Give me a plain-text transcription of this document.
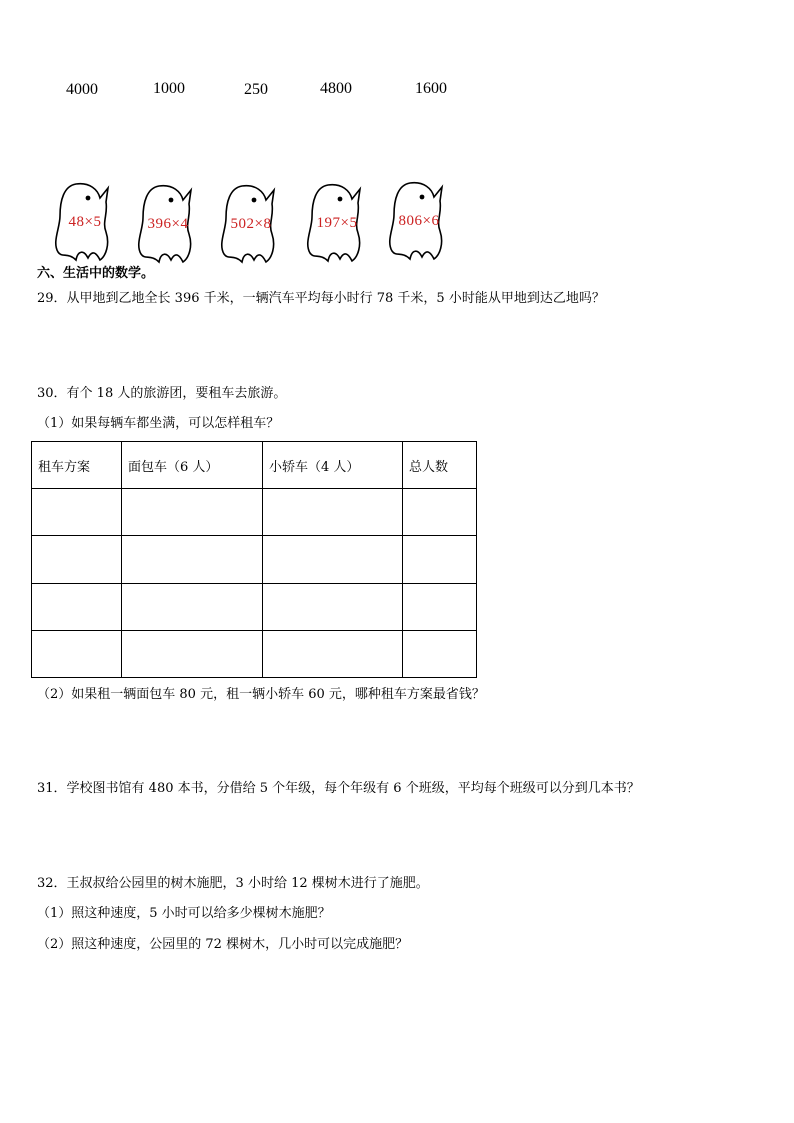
4000	1000	250	4800	1600
48×5	396×4	502×8	197×5	806×6
六、生活中的数学。
29．从甲地到乙地全长 396 千米，一辆汽车平均每小时行 78 千米，5 小时能从甲地到达乙地吗？
30．有个 18 人的旅游团，要租车去旅游。
（1）如果每辆车都坐满，可以怎样租车？
租车方案	面包车（6 人）	小轿车（4 人）	总人数

（2）如果租一辆面包车 80 元，租一辆小轿车 60 元，哪种租车方案最省钱？
31．学校图书馆有 480 本书，分借给 5 个年级，每个年级有 6 个班级，平均每个班级可以分到几本书？
32．王叔叔给公园里的树木施肥，3 小时给 12 棵树木进行了施肥。
（1）照这种速度，5 小时可以给多少棵树木施肥？
（2）照这种速度，公园里的 72 棵树木，几小时可以完成施肥？
